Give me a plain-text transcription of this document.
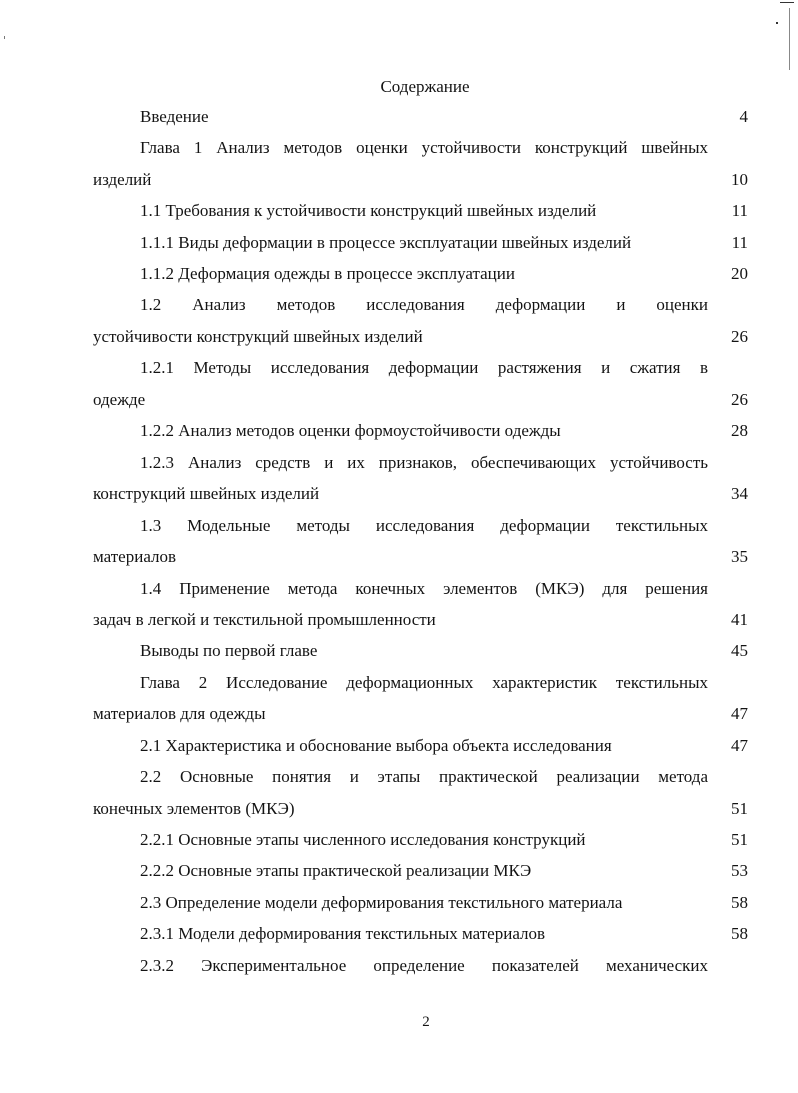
Содержание
Введение	4
Глава 1 Анализ методов оценки устойчивости конструкций швейных
изделий	10
1.1 Требования к устойчивости конструкций швейных изделий	11
1.1.1 Виды деформации в процессе эксплуатации швейных изделий	11
1.1.2 Деформация одежды в процессе эксплуатации	20
1.2 Анализ методов исследования деформации и оценки
устойчивости конструкций швейных изделий	26
1.2.1 Методы исследования деформации растяжения и сжатия в
одежде	26
1.2.2 Анализ методов оценки формоустойчивости одежды	28
1.2.3 Анализ средств и их признаков, обеспечивающих устойчивость
конструкций швейных изделий	34
1.3 Модельные методы исследования деформации текстильных
материалов	35
1.4 Применение метода конечных элементов (МКЭ) для решения
задач в легкой и текстильной промышленности	41
Выводы по первой главе	45
Глава 2 Исследование деформационных характеристик текстильных
материалов для одежды	47
2.1 Характеристика и обоснование выбора объекта исследования	47
2.2 Основные понятия и этапы практической реализации метода
конечных элементов (МКЭ)	51
2.2.1 Основные этапы численного исследования конструкций	51
2.2.2 Основные этапы практической реализации МКЭ	53
2.3 Определение модели деформирования текстильного материала	58
2.3.1 Модели деформирования текстильных материалов	58
2.3.2 Экспериментальное определение показателей механических
2
